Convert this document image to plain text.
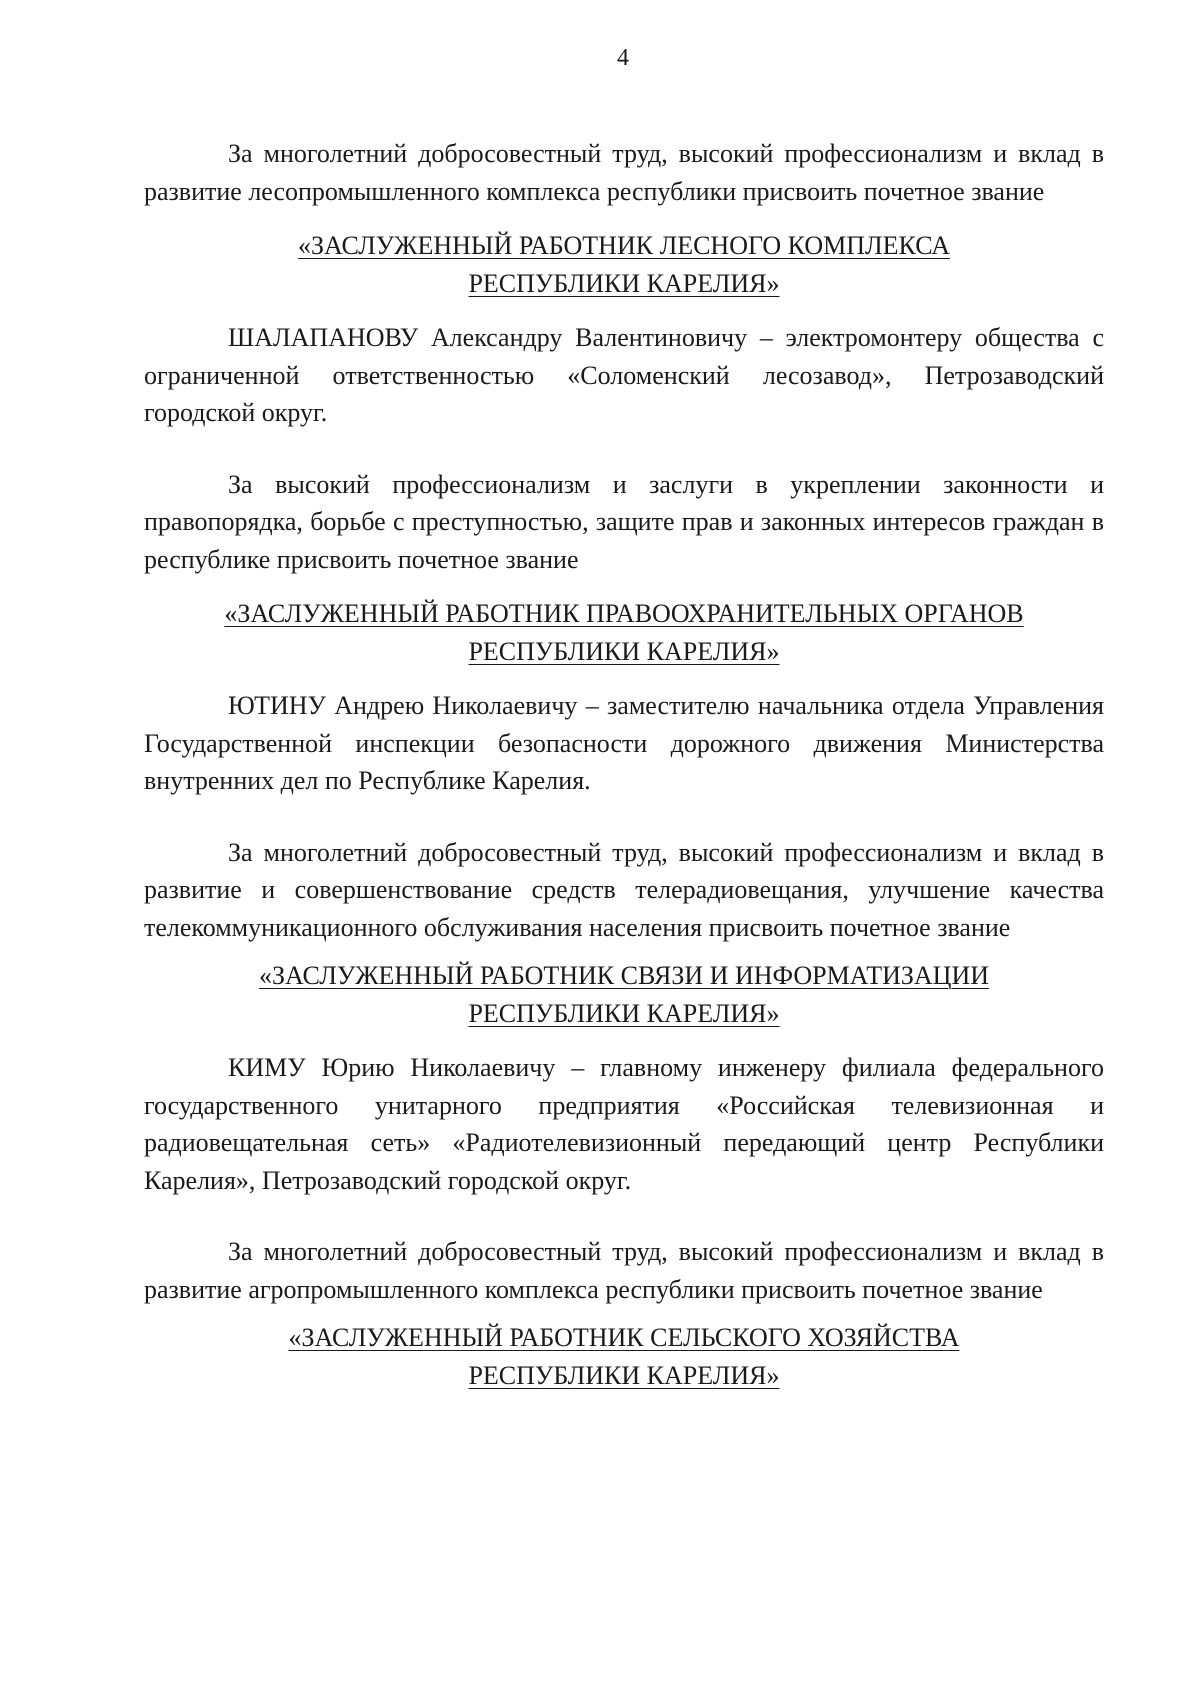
4

За многолетний добросовестный труд, высокий профессионализм и вклад в развитие лесопромышленного комплекса республики присвоить почетное звание

«ЗАСЛУЖЕННЫЙ РАБОТНИК ЛЕСНОГО КОМПЛЕКСА
РЕСПУБЛИКИ КАРЕЛИЯ»

ШАЛАПАНОВУ Александру Валентиновичу – электромонтеру общества с ограниченной ответственностью «Соломенский лесозавод», Петрозаводский городской округ.

За высокий профессионализм и заслуги в укреплении законности и правопорядка, борьбе с преступностью, защите прав и законных интересов граждан в республике присвоить почетное звание

«ЗАСЛУЖЕННЫЙ РАБОТНИК ПРАВООХРАНИТЕЛЬНЫХ ОРГАНОВ
РЕСПУБЛИКИ КАРЕЛИЯ»

ЮТИНУ Андрею Николаевичу – заместителю начальника отдела Управления Государственной инспекции безопасности дорожного движения Министерства внутренних дел по Республике Карелия.

За многолетний добросовестный труд, высокий профессионализм и вклад в развитие и совершенствование средств телерадиовещания, улучшение качества телекоммуникационного обслуживания населения присвоить почетное звание

«ЗАСЛУЖЕННЫЙ РАБОТНИК СВЯЗИ И ИНФОРМАТИЗАЦИИ
РЕСПУБЛИКИ КАРЕЛИЯ»

КИМУ Юрию Николаевичу – главному инженеру филиала федерального государственного унитарного предприятия «Российская телевизионная и радиовещательная сеть» «Радиотелевизионный передающий центр Республики Карелия», Петрозаводский городской округ.

За многолетний добросовестный труд, высокий профессионализм и вклад в развитие агропромышленного комплекса республики присвоить почетное звание

«ЗАСЛУЖЕННЫЙ РАБОТНИК СЕЛЬСКОГО ХОЗЯЙСТВА
РЕСПУБЛИКИ КАРЕЛИЯ»
